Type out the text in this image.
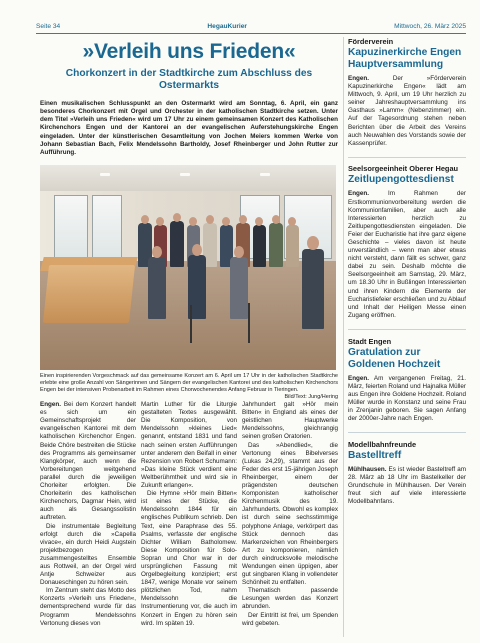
Seite 34	HegauKurier	Mittwoch, 26. März 2025
»Verleih uns Frieden«
Chorkonzert in der Stadtkirche zum Abschluss des Ostermarkts
Einen musikalischen Schlusspunkt an den Ostermarkt wird am Sonntag, 6. April, ein ganz besonderes Chorkonzert mit Orgel und Orchester in der katholischen Stadtkirche setzen. Unter dem Titel »Verleih uns Frieden« wird um 17 Uhr zu einem gemeinsamen Konzert des Katholischen Kirchenchors Engen und der Kantorei an der evangelischen Auferstehungskirche Engen eingeladen. Unter der künstlerischen Gesamtleitung von Jochen Meiers kommen Werke von Johann Sebastian Bach, Felix Mendelssohn Bartholdy, Josef Rheinberger und John Rutter zur Aufführung.
Einen inspirierenden Vorgeschmack auf das gemeinsame Konzert am 6. April um 17 Uhr in der katholischen Stadtkirche erlebte eine große Anzahl von Sängerinnen und Sängern der evangelischen Kantorei und des katholischen Kirchenchors Engen bei der intensiven Probenarbeit im Rahmen eines Chorwochenendes Anfang Februar in Tieringen.
Bild/Text: Jung/Hering

Engen. Bei dem Konzert handelt es sich um ein Gemeinschaftsprojekt der evangelischen Kantorei mit dem katholischen Kirchenchor Engen. Beide Chöre bestreiten die Stücke des Programms als gemeinsamer Klangkörper, auch wenn die Vorbereitungen weitgehend parallel durch die jeweiligen Chorleiter erfolgten. Die Chorleiterin des katholischen Kirchenchors, Dagmar Hein, wird auch als Gesangssolistin auftreten.

Die instrumentale Begleitung erfolgt durch die »Capella vivace«, ein durch Heidi Augstein projektbezogen zusammengestelltes Ensemble aus Rottweil, an der Orgel wird Antje Schweizer aus Donaueschingen zu hören sein.

Im Zentrum steht das Motto des Konzerts »Verleih uns Frieden«, dementsprechend wurde für das Programm Mendelssohns Vertonung dieses von

Martin Luther für die Liturgie gestalteten Textes ausgewählt. Die Komposition, von Mendelssohn »kleines Lied« genannt, entstand 1831 und fand nach seinen ersten Aufführungen unter anderem den Beifall in einer Rezension von Robert Schumann: »Das kleine Stück verdient eine Weltberühmtheit und wird sie in Zukunft erlangen«.

Die Hymne »Hör mein Bitten« ist eines der Stücke, die Mendelssohn 1844 für ein englisches Publikum schrieb. Den Text, eine Paraphrase des 55. Psalms, verfasste der englische Dichter William Batholomew. Diese Komposition für Solo-Sopran und Chor war in der ursprünglichen Fassung mit Orgelbegleitung konzipiert; erst 1847, wenige Monate vor seinem plötzlichen Tod, nahm Mendelssohn die Instrumentierung vor, die auch im Konzert in Engen zu hören sein wird. Im späten 19.

Jahrhundert galt »Hör mein Bitten« in England als eines der geistlichen Hauptwerke Mendelssohns, gleichrangig seinen großen Oratorien.

Das »Abendlied«, die Vertonung eines Bibelverses (Lukas 24,29), stammt aus der Feder des erst 15-jährigen Joseph Rheinberger, einem der prägendsten deutschen Komponisten katholischer Kirchenmusik des 19. Jahrhunderts. Obwohl es komplex ist durch seine sechsstimmige polyphone Anlage, verkörpert das Stück dennoch das Markenzeichen von Rheinbergers Art zu komponieren, nämlich durch eindrucksvolle melodische Wendungen einen üppigen, aber gut singbaren Klang in vollendeter Schönheit zu entfalten.

Thematisch passende Lesungen werden das Konzert abrunden.

Der Eintritt ist frei, um Spenden wird gebeten.

Förderverein
Kapuzinerkirche Engen Hauptversammlung
Engen. Der »Förderverein Kapuzinerkirche Engen« lädt am Mittwoch, 9. April, um 19 Uhr herzlich zu seiner Jahreshauptversammlung ins Gasthaus »Lamm« (Nebenzimmer) ein. Auf der Tagesordnung stehen neben Berichten über die Arbeit des Vereins auch Neuwahlen des Vorstands sowie der Kassenprüfer.
Seelsorgeeinheit Oberer Hegau
Zeitlupengottesdienst
Engen. Im Rahmen der Erstkommunionvorbereitung werden die Kommunionfamilien, aber auch alle Interessierten herzlich zu Zeitlupengottesdiensten eingeladen. Die Feier der Eucharistie hat ihre ganz eigene Geschichte – vieles davon ist heute unverständlich – wenn man aber etwas nicht versteht, dann fällt es schwer, ganz dabei zu sein. Deshalb möchte die Seelsorgeeinheit am Samstag, 29. März, um 18.30 Uhr in Bußlingen Interessierten und ihren Kindern die Elemente der Eucharistiefeier erschließen und zu Ablauf und Inhalt der Heiligen Messe einen Zugang eröffnen.
Stadt Engen
Gratulation zur Goldenen Hochzeit
Engen. Am vergangenen Freitag, 21. März, feierten Roland und Hajnalka Müller aus Engen ihre Goldene Hochzeit. Roland Müller wurde in Konstanz und seine Frau in Zrenjanin geboren. Sie sagen Anfang der 2000er-Jahre nach Engen.
Modellbahnfreunde
Bastelltreff
Mühlhausen. Es ist wieder Basteltreff am 28. März ab 18 Uhr im Bastelkeller der Grundschule in Mühlhausen. Der Verein freut sich auf viele interessierte Modellbahnfans.
